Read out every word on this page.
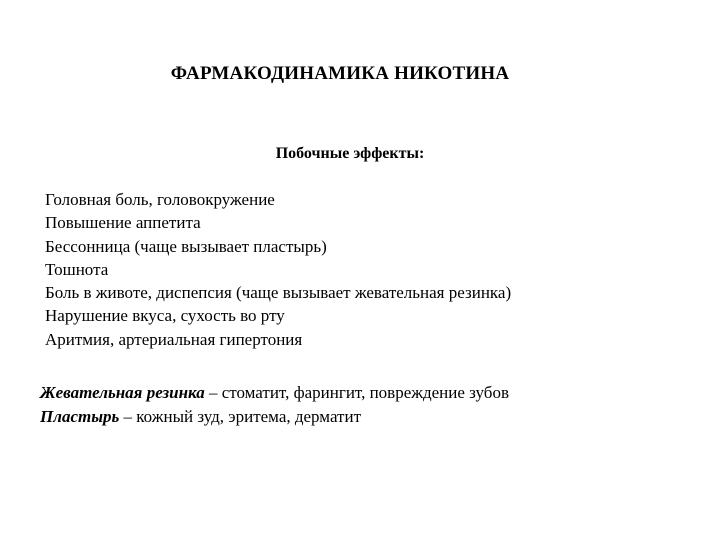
ФАРМАКОДИНАМИКА НИКОТИНА
Побочные эффекты:
Головная боль, головокружение
Повышение аппетита
Бессонница (чаще вызывает пластырь)
Тошнота
Боль в животе, диспепсия (чаще вызывает жевательная резинка)
Нарушение вкуса, сухость во рту
Аритмия, артериальная гипертония
Жевательная резинка – стоматит, фарингит, повреждение зубов
Пластырь – кожный зуд, эритема, дерматит
